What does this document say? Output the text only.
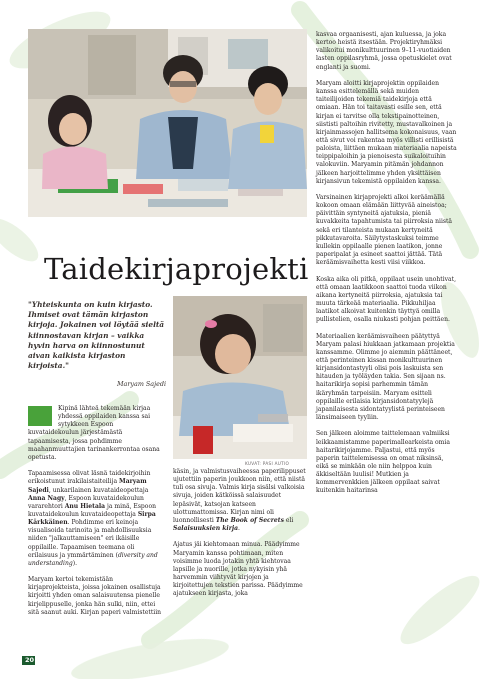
Taidekirjaprojekti
"Yhteiskunta on kuin kirjasto. Ihmiset ovat tämän kirjaston kirjoja. Jokainen voi löytää sieltä kiinnostavan kirjan – vaikka hyvin harva on kiinnostunut aivan kaikista kirjaston kirjoista."
Maryam Sajedi
KUVAT: PASI AUTIO

Kipinä lähteä tekemään kirjaa yhdessä oppilaiden kanssa sai sytykkeen Espoon kuvataidekoulun järjestämästä tapaamisesta, jossa pohdimme maahanmuuttajien tarinankerrontaa osana opetusta.

Tapaamisessa olivat läsnä taidekirjoihin erikoistunut irakilaistaiteilija Maryam Sajedi, unkarilainen kuvataideopettaja Anna Nagy, Espoon kuvataidekoulun vararehtori Anu Hietala ja minä, Espoon kuvataidekoulun kuvataideopettaja Sirpa Kärkkäinen. Pohdimme eri keinoja visualisoida tarinoita ja mahdollisuuksia niiden "jalkauttamiseen" eri ikäisille oppilaille. Tapaamisen teemana oli erilaisuus ja ymmärtäminen (diversity and understanding).

Maryam kertoi tekemistään kirjaprojekteista, joissa jokainen osallistuja kirjoitti yhden oman salaisuutensa pienelle kirjelippuselle, jonka hän sulki, niin, ettei sitä saanut auki. Kirjan paperi valmistettiin

käsin, ja valmistusvaiheessa paperilippuset ujutettiin paperin joukkoon niin, että niistä tuli osa sivuja. Valmis kirja sisälsi valkoisia sivuja, joiden kätköissä salaisuudet lepäsivät, katsojan katseen ulottumattomissa. Kirjan nimi oli luonnollisesti The Book of Secrets eli Salaisuuksien kirja.

Ajatus jäi kiehtomaan minua. Päädyimme Maryamin kanssa pohtimaan, miten voisimme luoda jotakin yhtä kiehtovaa lapsille ja nuorille, jotka nykyisin yhä harvemmin viihtyvät kirjojen ja kirjoitettujen tekstien parissa. Päädyimme ajatukseen kirjasta, joka

kasvaa orgaanisesti, ajan kuluessa, ja joka kertoo heistä itsestään. Projektiryhmäksi valikoitui monikulttuurinen 9–11-vuotiaiden lasten oppilasryhmä, jossa opetuskielet ovat englanti ja suomi.

Maryam aloitti kirjaprojektin oppilaiden kanssa esittelemällä sekä muiden taiteilijoiden tekemiä taidekirjoja että omiaan. Hän toi taitavasti esille sen, että kirjan ei tarvitse olla tekstipainotteinen, siististi paltoihin rivitetty, mustavalkoinen ja kirjainmassojen hallitsema kokonaisuus, vaan että sivut voi rakentaa myös villisti erillisistä paloista, liittäen mukaan materiaalia napeista teippipaloihin ja pienoisesta suikaloituihin valokuviin. Maryamin pitämän johdannon jälkeen harjoittelimme yhden yksittäisen kirjansivun tekemistä oppilaiden kanssa.

Varsinainen kirjaprojekti alkoi keräämällä kokoon omaan elämään liittyvää aineistoa; päivittäin syntyneitä ajatuksia, pieniä kuvakkeita tapahtumista tai piirroksia niistä sekä eri tilanteista mukaan kertyneitä pikkutavaroita. Säilytystaskuksi teimme kullekin oppilaalle pienen laatikon, jonne paperipalat ja esineet saattoi jättää. Tätä keräämisvaihetta kesti viisi viikkoa.

Koska aika oli pitkä, oppilaat usein unohtivat, että omaan laatikkoon saattoi tuoda viikon aikana kertyneitä piirroksia, ajatuksia tai muuta tärkeää materiaalia. Pikkuhiljaa laatikot alkoivat kuitenkin täyttyä omilla pullistelien, osalla niukasti pohjan peittäen.

Materiaalien keräämisvaiheen päätyttyä Maryam palasi hiukkaan jatkamaan projektia kanssamme. Olimme jo aiemmin päättäneet, että perinteinen kissan monikulttuurinen kirjansidontastyyli olisi pois laskuista sen hitauden ja työläyden takia. Sen sijaan ns. haitarikirja sopisi parhemmin tämän ikäryhmän tarpeisiin. Maryam esitteli oppilaille erilaisia kirjansidontatyylejä japanilaisesta sidontatyylistä perinteiseen länsimaiseen tyyliin.

Sen jälkeen aloimme taittelemaan valmiiksi leikkaamistamme paperimallearkeista omia haitarikirjojamme. Paljastui, että myös paperin taittelemisessa on omat niksinsä, eikä se minkään ole niin helppoa kuin äkkiseltään luulisi! Mutkien ja kommervenkkien jälkeen oppilaat saivat kuitenkin haitarinsa

20
